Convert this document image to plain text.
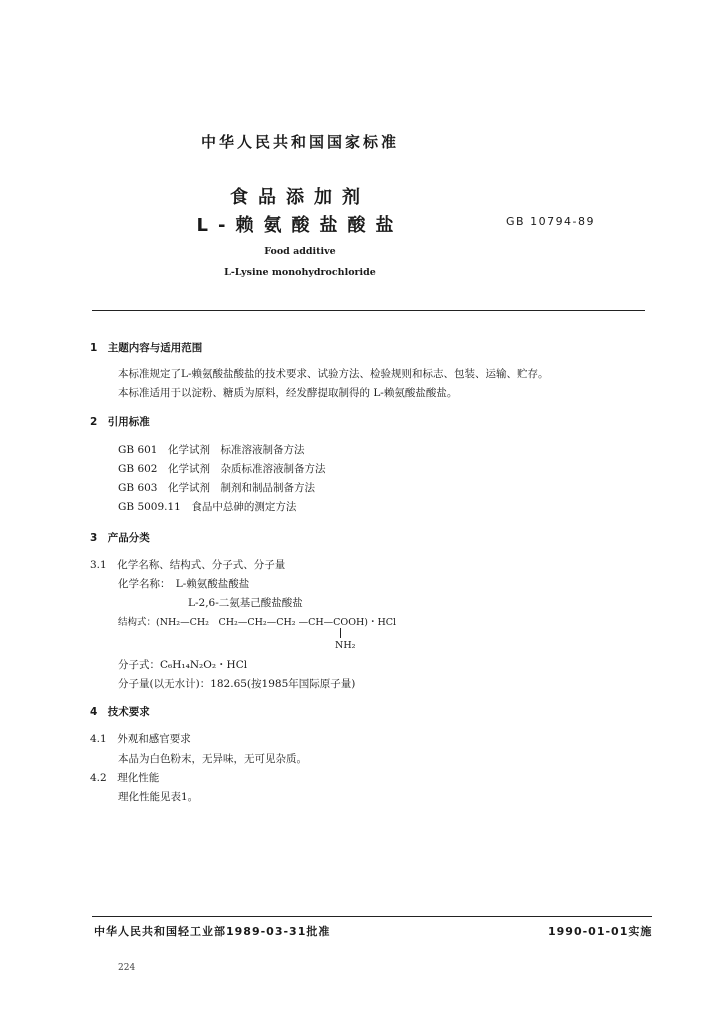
中华人民共和国国家标准
食品添加剂
L-赖氨酸盐酸盐	GB 10794-89
Food additive
L-Lysine monohydrochloride
1　主题内容与适用范围
本标准规定了L-赖氨酸盐酸盐的技术要求、试验方法、检验规则和标志、包装、运输、贮存。
本标准适用于以淀粉、糖质为原料，经发酵提取制得的 L-赖氨酸盐酸盐。
2　引用标准
GB 601　化学试剂　标准溶液制备方法
GB 602　化学试剂　杂质标准溶液制备方法
GB 603　化学试剂　制剂和制品制备方法
GB 5009.11　食品中总砷的测定方法
3　产品分类
3.1　化学名称、结构式、分子式、分子量
化学名称：　L-赖氨酸盐酸盐
L-2,6-二氨基己酸盐酸盐
结构式：(NH₂—CH₂　CH₂—CH₂—CH₂ —CH—COOH)・HCl
NH₂
分子式：C₆H₁₄N₂O₂・HCl
分子量(以无水计)：182.65(按1985年国际原子量)
4　技术要求
4.1　外观和感官要求
本品为白色粉末，无异味，无可见杂质。
4.2　理化性能
理化性能见表1。
中华人民共和国轻工业部1989-03-31批准	1990-01-01实施
224
